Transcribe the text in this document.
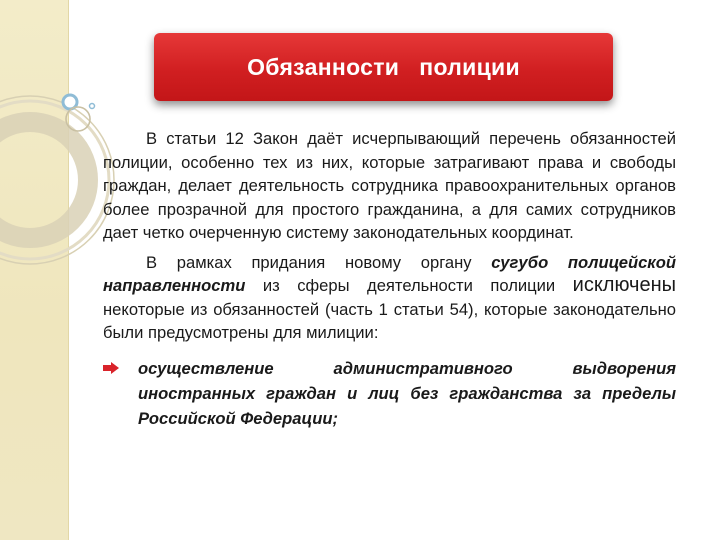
Обязанности   полиции

В статьи 12 Закон даёт исчерпывающий перечень обязанностей полиции, особенно тех из них, которые затрагивают права и свободы граждан, делает деятельность сотрудника правоохранительных органов более прозрачной для простого гражданина, а для самих сотрудников дает четко очерченную систему законодательных координат.

В рамках придания новому органу сугубо полицейской направленности из сферы деятельности полиции исключены некоторые из обязанностей (часть 1 статьи 54), которые законодательно были предусмотрены для милиции:

осуществление административного выдворения иностранных граждан и лиц без гражданства за пределы Российской Федерации;
